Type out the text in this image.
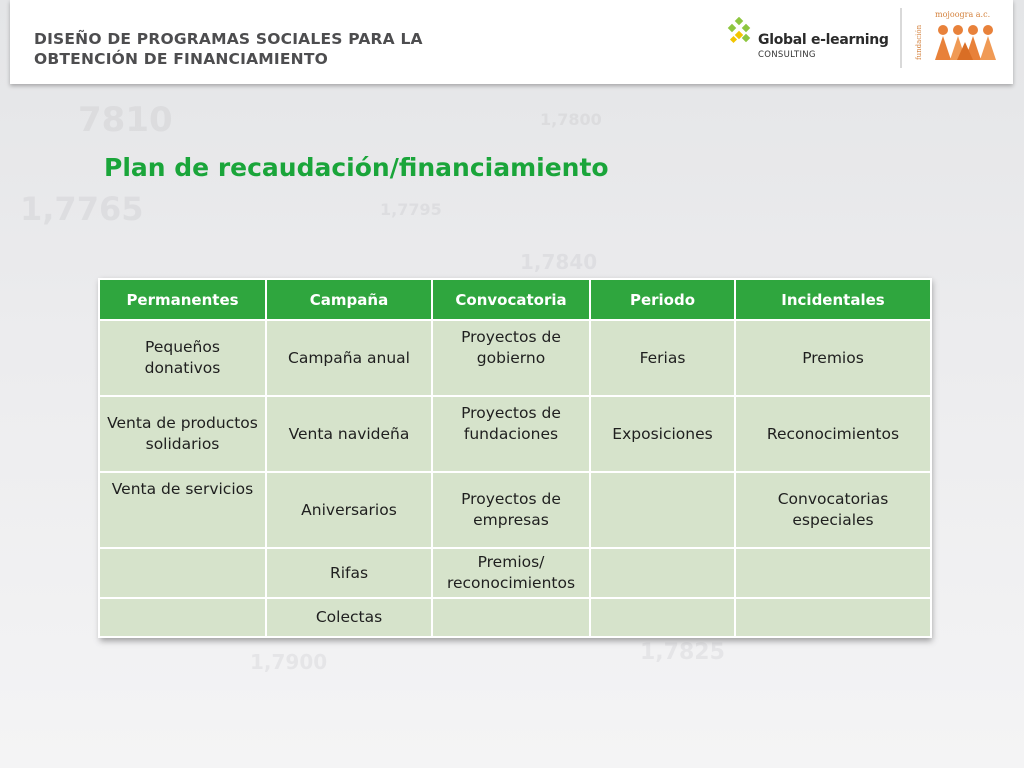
7810
1,7765
1,7840
1,7800
1,7825
1,7900
1,7795
DISEÑO DE PROGRAMAS SOCIALES PARA LA
OBTENCIÓN DE FINANCIAMIENTO
Global e-learning
CONSULTING	fundación
mojoogra a.c.
Plan de recaudación/financiamiento
Permanentes	Campaña	Convocatoria	Periodo	Incidentales
Pequeños donativos	Campaña anual	Proyectos de gobierno	Ferias	Premios
Venta de productos solidarios	Venta navideña	Proyectos de fundaciones	Exposiciones	Reconocimientos
Venta de servicios	Aniversarios	Proyectos de empresas		Convocatorias especiales
	Rifas	Premios/ reconocimientos		
	Colectas			
